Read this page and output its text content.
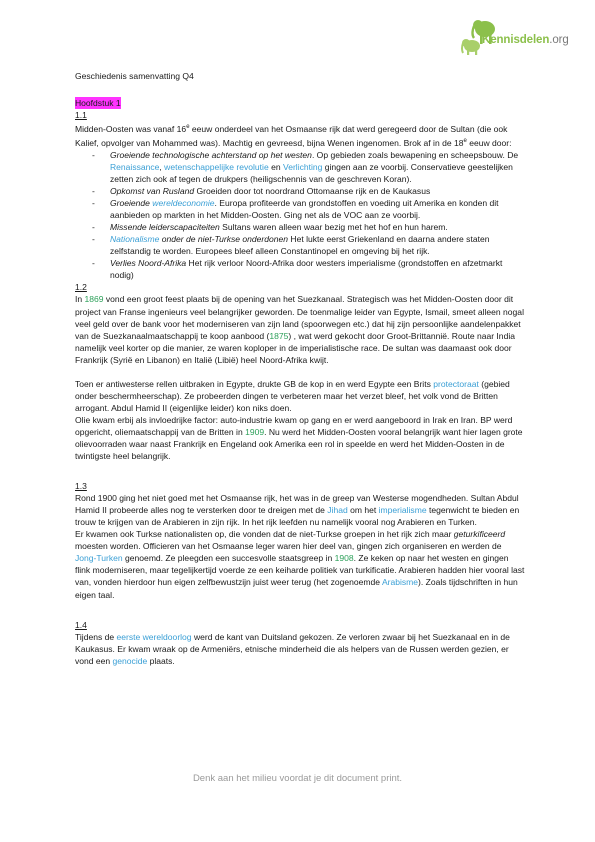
Kennisdelen.org

Geschiedenis samenvatting Q4

Hoofdstuk 1
1.1

Midden-Oosten was vanaf 16e eeuw onderdeel van het Osmaanse rijk dat werd geregeerd door de Sultan (die ook Kalief, opvolger van Mohammed was). Machtig en gevreesd, bijna Wenen ingenomen. Brok af in de 18e eeuw door:

- Groeiende technologische achterstand op het westen. Op gebieden zoals bewapening en scheepsbouw. De Renaissance, wetenschappelijke revolutie en Verlichting gingen aan ze voorbij. Conservatieve geestelijken zetten zich ook af tegen de drukpers (heiligschennis van de geschreven Koran).
- Opkomst van Rusland Groeiden door tot noordrand Ottomaanse rijk en de Kaukasus
- Groeiende wereldeconomie. Europa profiteerde van grondstoffen en voeding uit Amerika en konden dit aanbieden op markten in het Midden-Oosten. Ging net als de VOC aan ze voorbij.
- Missende leiderscapaciteiten Sultans waren alleen waar bezig met het hof en hun harem.
- Nationalisme onder de niet-Turkse onderdonen Het lukte eerst Griekenland en daarna andere staten zelfstandig te worden. Europees bleef alleen Constantinopel en omgeving bij het rijk.
- Verlies Noord-Afrika Het rijk verloor Noord-Afrika door westers imperialisme (grondstoffen en afzetmarkt nodig)
1.2

In 1869 vond een groot feest plaats bij de opening van het Suezkanaal. Strategisch was het Midden-Oosten door dit project van Franse ingenieurs veel belangrijker geworden. De toenmalige leider van Egypte, Ismail, smeet alleen nogal veel geld over de bank voor het moderniseren van zijn land (spoorwegen etc.) dat hij zijn persoonlijke aandelenpakket van de Suezkanaalmaatschappij te koop aanbood (1875) , wat werd gekocht door Groot-Brittannië. Route naar India namelijk veel korter op die manier, ze waren koploper in de imperialistische race. De sultan was daamaast ook door Frankrijk (Syrië en Libanon) en Italië (Libië) heel Noord-Afrika kwijt.

Toen er antiwesterse rellen uitbraken in Egypte, drukte GB de kop in en werd Egypte een Brits protectoraat (gebied onder beschermheerschap). Ze probeerden dingen te verbeteren maar het verzet bleef, het volk vond de Britten arrogant. Abdul Hamid II (eigenlijke leider) kon niks doen.

Olie kwam erbij als invloedrijke factor: auto-industrie kwam op gang en er werd aangeboord in Irak en Iran. BP werd opgericht, oliemaatschappij van de Britten in 1909. Nu werd het Midden-Oosten vooral belangrijk want hier lagen grote olievoorraden waar naast Frankrijk en Engeland ook Amerika een rol in speelde en werd het Midden-Oosten in de twintigste heel belangrijk.

1.3

Rond 1900 ging het niet goed met het Osmaanse rijk, het was in de greep van Westerse mogendheden. Sultan Abdul Hamid II probeerde alles nog te versterken door te dreigen met de Jihad om het imperialisme tegenwicht te bieden en trouw te krijgen van de Arabieren in zijn rijk. In het rijk leefden nu namelijk vooral nog Arabieren en Turken.

Er kwamen ook Turkse nationalisten op, die vonden dat de niet-Turkse groepen in het rijk zich maar geturkificeerd moesten worden. Officieren van het Osmaanse leger waren hier deel van, gingen zich organiseren en werden de Jong-Turken genoemd. Ze pleegden een succesvolle staatsgreep in 1908. Ze keken op naar het westen en gingen flink moderniseren, maar tegelijkertijd voerde ze een keiharde politiek van turkificatie. Arabieren hadden hier vooral last van, vonden hierdoor hun eigen zelfbewustzijn juist weer terug (het zogenoemde Arabisme). Zoals tijdschriften in hun eigen taal.

1.4

Tijdens de eerste wereldoorlog werd de kant van Duitsland gekozen. Ze verloren zwaar bij het Suezkanaal en in de Kaukasus. Er kwam wraak op de Armeniërs, etnische minderheid die als helpers van de Russen werden gezien, er vond een genocide plaats.

Denk aan het milieu voordat je dit document print.
